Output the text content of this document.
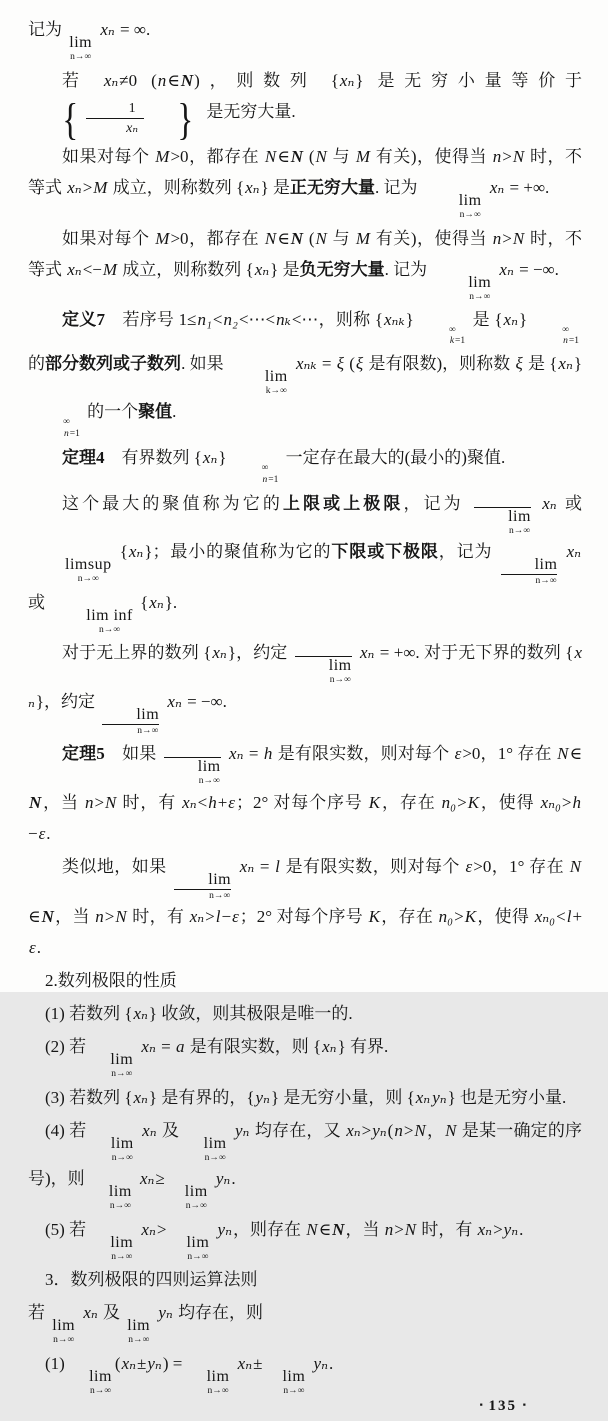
记为
lim
n→∞
xₙ = ∞.

若 xₙ≠0 (n∈N)，则数列 {xₙ} 是无穷小量等价于
{ $\frac{1}{\text{xₙ}}$ } 是无穷大量.

如果对每个 M>0，都存在 N∈N (N 与 M 有关)，使得当 n>N 时，不等式 xₙ>M 成立，则称数列 {xₙ} 是正无穷大量. 记为
lim
n→∞
xₙ = +∞.

如果对每个 M>0，都存在 N∈N (N 与 M 有关)，使得当 n>N 时，不等式 xₙ<−M 成立，则称数列 {xₙ} 是负无穷大量. 记为
lim
n→∞
xₙ = −∞.

定义7　若序号 1≤n₁<n₂<⋯<nₖ<⋯，则称 {xₙₖ}
∞
k=1
是 {xₙ}
∞
n=1
的部分数列或子数列. 如果
lim
k→∞
xₙₖ = ξ (ξ 是有限数)，则称数 ξ 是 {xₙ}
∞
n=1
的一个聚值.

定理4　有界数列 {xₙ}
∞
n=1
一定存在最大的(最小的)聚值.

这个最大的聚值称为它的上限或上极限，记为
lim
n→∞
xₙ 或
limsup
n→∞
{xₙ}；最小的聚值称为它的下限或下极限，记为
lim
n→∞
xₙ 或
lim inf
n→∞
{xₙ}.

对于无上界的数列 {xₙ}，约定
lim
n→∞
xₙ = +∞. 对于无下界的数列 {xₙ}，约定
lim
n→∞
xₙ = −∞.

定理5　如果
lim
n→∞
xₙ = h 是有限实数，则对每个 ε>0，1° 存在 N∈N，当 n>N 时，有 xₙ<h+ε；2° 对每个序号 K，存在 n₀>K，使得 xₙ₀>h−ε.

类似地，如果
lim
n→∞
xₙ = l 是有限实数，则对每个 ε>0，1° 存在 N∈N，当 n>N 时，有 xₙ>l−ε；2° 对每个序号 K，存在 n₀>K，使得 xₙ₀<l+ε.

2.数列极限的性质

(1) 若数列 {xₙ} 收敛，则其极限是唯一的.

(2) 若
lim
n→∞
xₙ = a 是有限实数，则 {xₙ} 有界.

(3) 若数列 {xₙ} 是有界的，{yₙ} 是无穷小量，则 {xₙ yₙ} 也是无穷小量.

(4) 若
lim
n→∞
xₙ 及
lim
n→∞
yₙ 均存在，又 xₙ>yₙ(n>N，N 是某一确定的序号)，则
lim
n→∞
xₙ≥
lim
n→∞
yₙ.

(5) 若
lim
n→∞
xₙ>
lim
n→∞
yₙ，则存在 N∈N，当 n>N 时，有 xₙ>yₙ.

3．数列极限的四则运算法则

若
lim
n→∞
xₙ 及
lim
n→∞
yₙ 均存在，则

(1)
lim
n→∞
(xₙ±yₙ) =
lim
n→∞
xₙ±
lim
n→∞
yₙ.

▪ 135 ▪
